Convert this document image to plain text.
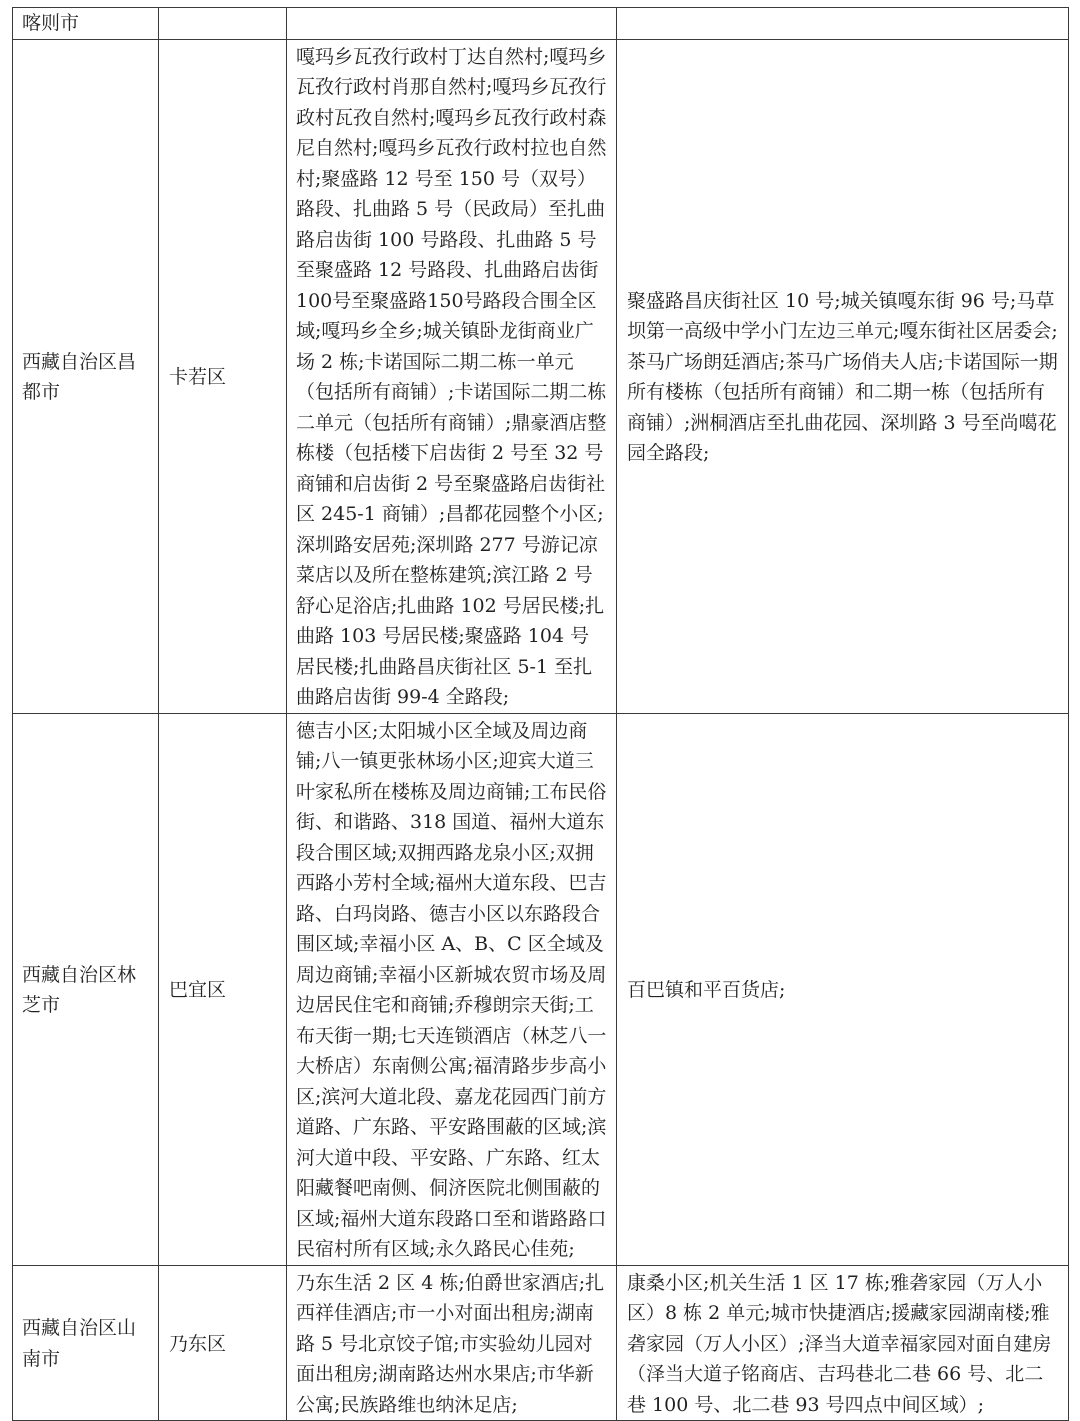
喀则市			
西藏自治区昌都市	卡若区	嘎玛乡瓦孜行政村丁达自然村;嘎玛乡瓦孜行政村肖那自然村;嘎玛乡瓦孜行政村瓦孜自然村;嘎玛乡瓦孜行政村森尼自然村;嘎玛乡瓦孜行政村拉也自然村;聚盛路 12 号至 150 号（双号）路段、扎曲路 5 号（民政局）至扎曲路启齿街 100 号路段、扎曲路 5 号至聚盛路 12 号路段、扎曲路启齿街100号至聚盛路150号路段合围全区域;嘎玛乡全乡;城关镇卧龙街商业广场 2 栋;卡诺国际二期二栋一单元（包括所有商铺）;卡诺国际二期二栋二单元（包括所有商铺）;鼎豪酒店整栋楼（包括楼下启齿街 2 号至 32 号商铺和启齿街 2 号至聚盛路启齿街社区 245-1 商铺）;昌都花园整个小区;深圳路安居苑;深圳路 277 号游记凉菜店以及所在整栋建筑;滨江路 2 号舒心足浴店;扎曲路 102 号居民楼;扎曲路 103 号居民楼;聚盛路 104 号居民楼;扎曲路昌庆街社区 5-1 至扎曲路启齿街 99-4 全路段;	聚盛路昌庆街社区 10 号;城关镇嘎东街 96 号;马草坝第一高级中学小门左边三单元;嘎东街社区居委会;茶马广场朗廷酒店;茶马广场俏夫人店;卡诺国际一期所有楼栋（包括所有商铺）和二期一栋（包括所有商铺）;洲桐酒店至扎曲花园、深圳路 3 号至尚噶花园全路段;
西藏自治区林芝市	巴宜区	德吉小区;太阳城小区全域及周边商铺;八一镇更张林场小区;迎宾大道三叶家私所在楼栋及周边商铺;工布民俗街、和谐路、318 国道、福州大道东段合围区域;双拥西路龙泉小区;双拥西路小芳村全域;福州大道东段、巴吉路、白玛岗路、德吉小区以东路段合围区域;幸福小区 A、B、C 区全域及周边商铺;幸福小区新城农贸市场及周边居民住宅和商铺;乔穆朗宗天街;工布天街一期;七天连锁酒店（林芝八一大桥店）东南侧公寓;福清路步步高小区;滨河大道北段、嘉龙花园西门前方道路、广东路、平安路围蔽的区域;滨河大道中段、平安路、广东路、红太阳藏餐吧南侧、侗济医院北侧围蔽的区域;福州大道东段路口至和谐路路口民宿村所有区域;永久路民心佳苑;	百巴镇和平百货店;
西藏自治区山南市	乃东区	乃东生活 2 区 4 栋;伯爵世家酒店;扎西祥佳酒店;市一小对面出租房;湖南路 5 号北京饺子馆;市实验幼儿园对面出租房;湖南路达州水果店;市华新公寓;民族路维也纳沐足店;	康桑小区;机关生活 1 区 17 栋;雅砻家园（万人小区）8 栋 2 单元;城市快捷酒店;援藏家园湖南楼;雅砻家园（万人小区）;泽当大道幸福家园对面自建房（泽当大道子铭商店、吉玛巷北二巷 66 号、北二巷 100 号、北二巷 93 号四点中间区域）;
